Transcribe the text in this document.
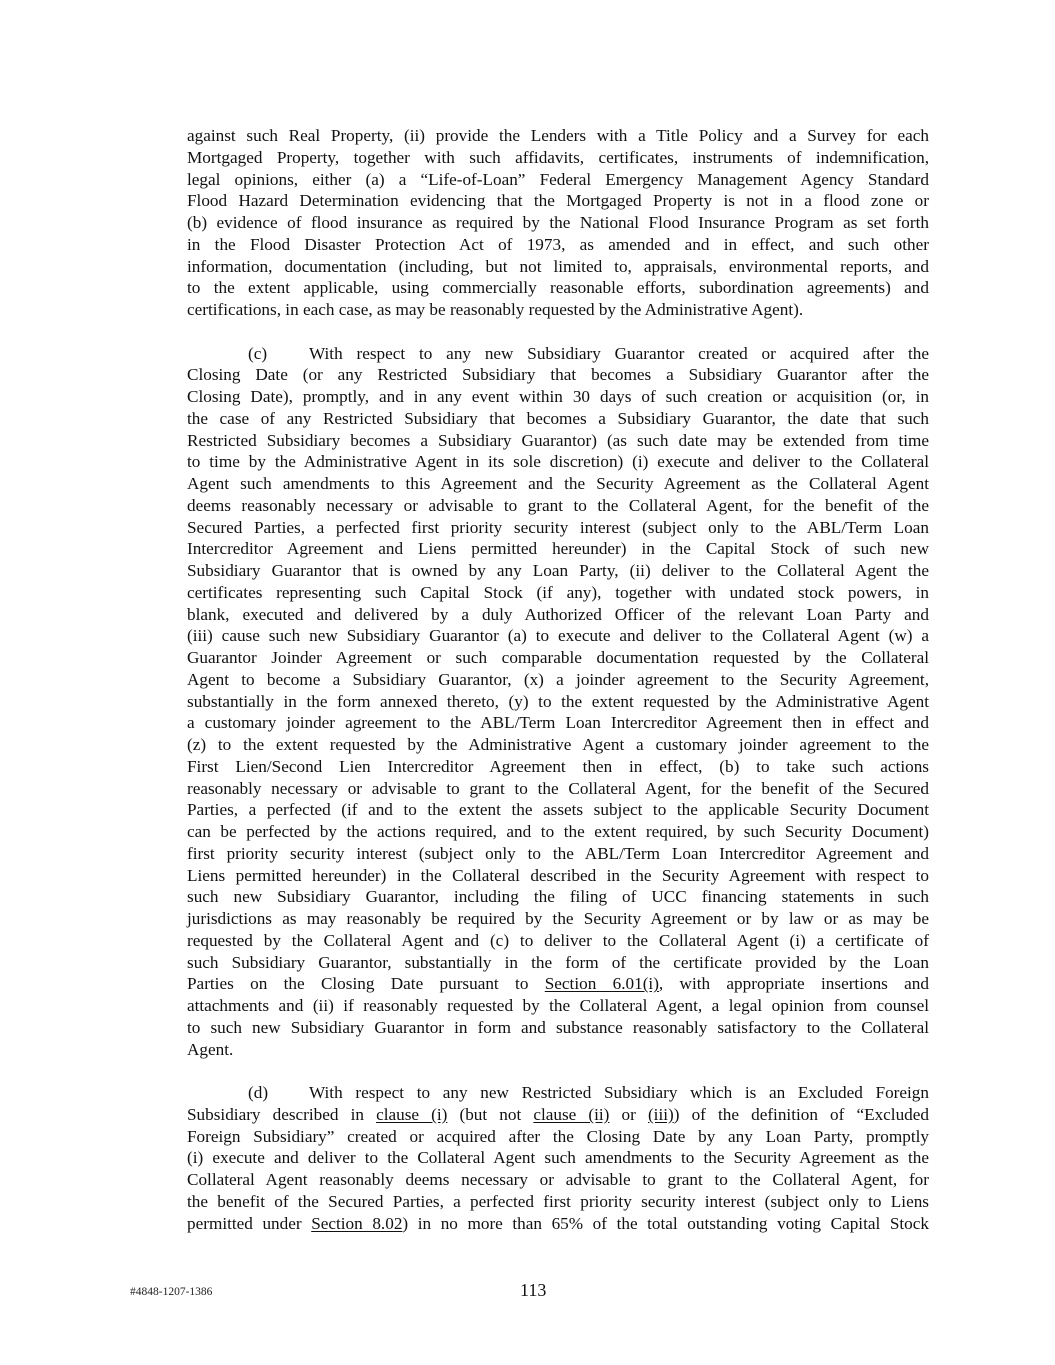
against such Real Property, (ii) provide the Lenders with a Title Policy and a Survey for each
Mortgaged Property, together with such affidavits, certificates, instruments of indemnification,
legal opinions, either (a) a “Life-of-Loan” Federal Emergency Management Agency Standard
Flood Hazard Determination evidencing that the Mortgaged Property is not in a flood zone or
(b) evidence of flood insurance as required by the National Flood Insurance Program as set forth
in the Flood Disaster Protection Act of 1973, as amended and in effect, and such other
information, documentation (including, but not limited to, appraisals, environmental reports, and
to the extent applicable, using commercially reasonable efforts, subordination agreements) and
certifications, in each case, as may be reasonably requested by the Administrative Agent).
(c) With respect to any new Subsidiary Guarantor created or acquired after the
Closing Date (or any Restricted Subsidiary that becomes a Subsidiary Guarantor after the
Closing Date), promptly, and in any event within 30 days of such creation or acquisition (or, in
the case of any Restricted Subsidiary that becomes a Subsidiary Guarantor, the date that such
Restricted Subsidiary becomes a Subsidiary Guarantor) (as such date may be extended from time
to time by the Administrative Agent in its sole discretion) (i) execute and deliver to the Collateral
Agent such amendments to this Agreement and the Security Agreement as the Collateral Agent
deems reasonably necessary or advisable to grant to the Collateral Agent, for the benefit of the
Secured Parties, a perfected first priority security interest (subject only to the ABL/Term Loan
Intercreditor Agreement and Liens permitted hereunder) in the Capital Stock of such new
Subsidiary Guarantor that is owned by any Loan Party, (ii) deliver to the Collateral Agent the
certificates representing such Capital Stock (if any), together with undated stock powers, in
blank, executed and delivered by a duly Authorized Officer of the relevant Loan Party and
(iii) cause such new Subsidiary Guarantor (a) to execute and deliver to the Collateral Agent (w) a
Guarantor Joinder Agreement or such comparable documentation requested by the Collateral
Agent to become a Subsidiary Guarantor, (x) a joinder agreement to the Security Agreement,
substantially in the form annexed thereto, (y) to the extent requested by the Administrative Agent
a customary joinder agreement to the ABL/Term Loan Intercreditor Agreement then in effect and
(z) to the extent requested by the Administrative Agent a customary joinder agreement to the
First Lien/Second Lien Intercreditor Agreement then in effect, (b) to take such actions
reasonably necessary or advisable to grant to the Collateral Agent, for the benefit of the Secured
Parties, a perfected (if and to the extent the assets subject to the applicable Security Document
can be perfected by the actions required, and to the extent required, by such Security Document)
first priority security interest (subject only to the ABL/Term Loan Intercreditor Agreement and
Liens permitted hereunder) in the Collateral described in the Security Agreement with respect to
such new Subsidiary Guarantor, including the filing of UCC financing statements in such
jurisdictions as may reasonably be required by the Security Agreement or by law or as may be
requested by the Collateral Agent and (c) to deliver to the Collateral Agent (i) a certificate of
such Subsidiary Guarantor, substantially in the form of the certificate provided by the Loan
Parties on the Closing Date pursuant to Section 6.01(i), with appropriate insertions and
attachments and (ii) if reasonably requested by the Collateral Agent, a legal opinion from counsel
to such new Subsidiary Guarantor in form and substance reasonably satisfactory to the Collateral
Agent.
(d) With respect to any new Restricted Subsidiary which is an Excluded Foreign
Subsidiary described in clause (i) (but not clause (ii) or (iii)) of the definition of “Excluded
Foreign Subsidiary” created or acquired after the Closing Date by any Loan Party, promptly
(i) execute and deliver to the Collateral Agent such amendments to the Security Agreement as the
Collateral Agent reasonably deems necessary or advisable to grant to the Collateral Agent, for
the benefit of the Secured Parties, a perfected first priority security interest (subject only to Liens
permitted under Section 8.02) in no more than 65% of the total outstanding voting Capital Stock
#4848-1207-1386	113
